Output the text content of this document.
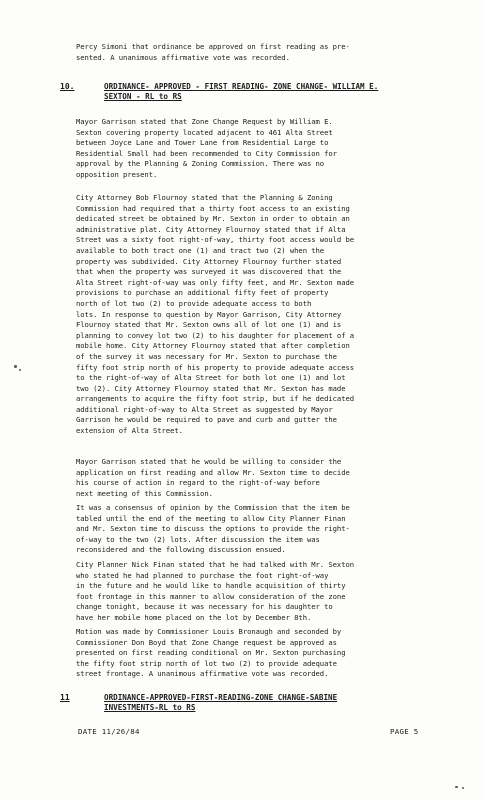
Percy Simoni that ordinance be approved on first reading as pre-
sented. A unanimous affirmative vote was recorded.
10.	ORDINANCE- APPROVED - FIRST READING- ZONE CHANGE- WILLIAM E.
SEXTON - RL to RS
Mayor Garrison stated that Zone Change Request by William E.
Sexton covering property located adjacent to 461 Alta Street
between Joyce Lane and Tower Lane from Residential Large to
Residential Small had been recommended to City Commission for
approval by the Planning & Zoning Commission. There was no
opposition present.
City Attorney Bob Flournoy stated that the Planning & Zoning
Commission had required that a thirty foot access to an existing
dedicated street be obtained by Mr. Sexton in order to obtain an
administrative plat. City Attorney Flournoy stated that if Alta
Street was a sixty foot right-of-way, thirty foot access would be
available to both tract one (1) and tract two (2) when the
property was subdivided. City Attorney Flournoy further stated
that when the property was surveyed it was discovered that the
Alta Street right-of-way was only fifty feet, and Mr. Sexton made
provisions to purchase an additional fifty feet of property
north of lot two (2) to provide adequate access to both
lots. In response to question by Mayor Garrison, City Attorney
Flournoy stated that Mr. Sexton owns all of lot one (1) and is
planning to convey lot two (2) to his daughter for placement of a
mobile home. City Attorney Flournoy stated that after completion
of the survey it was necessary for Mr. Sexton to purchase the
fifty foot strip north of his property to provide adequate access
to the right-of-way of Alta Street for both lot one (1) and lot
two (2). City Attorney Flournoy stated that Mr. Sexton has made
arrangements to acquire the fifty foot strip, but if he dedicated
additional right-of-way to Alta Street as suggested by Mayor
Garrison he would be required to pave and curb and gutter the
extension of Alta Street.
Mayor Garrison stated that he would be willing to consider the
application on first reading and allow Mr. Sexton time to decide
his course of action in regard to the right-of-way before
next meeting of this Commission.
It was a consensus of opinion by the Commission that the item be
tabled until the end of the meeting to allow City Planner Finan
and Mr. Sexton time to discuss the options to provide the right-
of-way to the two (2) lots. After discussion the item was
reconsidered and the following discussion ensued.
City Planner Nick Finan stated that he had talked with Mr. Sexton
who stated he had planned to purchase the foot right-of-way
in the future and he would like to handle acquisition of thirty
foot frontage in this manner to allow consideration of the zone
change tonight, because it was necessary for his daughter to
have her mobile home placed on the lot by December 8th.
Motion was made by Commissioner Louis Bronaugh and seconded by
Commissioner Don Boyd that Zone Change request be approved as
presented on first reading conditional on Mr. Sexton purchasing
the fifty foot strip north of lot two (2) to provide adequate
street frontage. A unanimous affirmative vote was recorded.
11	ORDINANCE-APPROVED-FIRST-READING-ZONE CHANGE-SABINE
INVESTMENTS-RL to RS
DATE 11/26/84	PAGE 5
